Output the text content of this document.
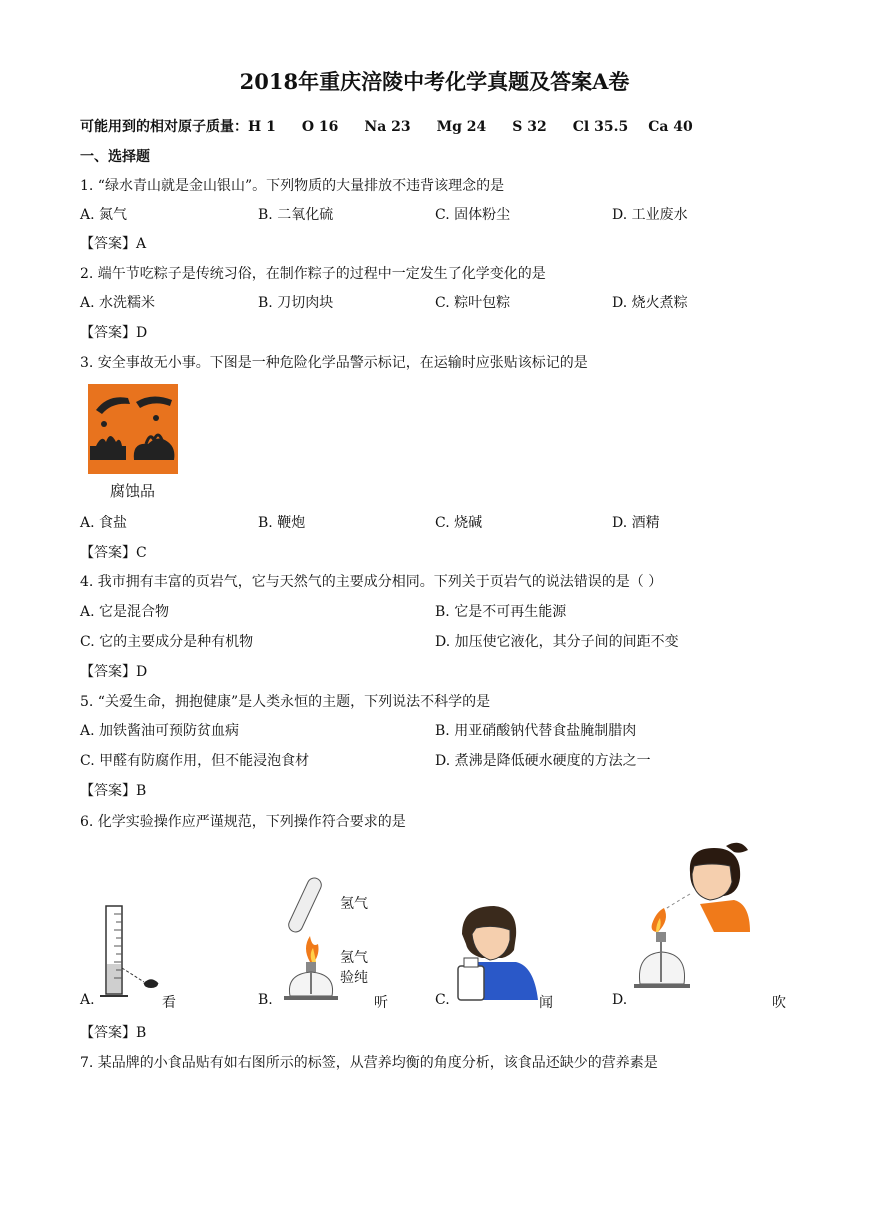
2018年重庆涪陵中考化学真题及答案A卷
可能用到的相对原子质量：H 1 O 16 Na 23 Mg 24 S 32 Cl 35.5 Ca 40
一、选择题
1. “绿水青山就是金山银山”。下列物质的大量排放不违背该理念的是
A. 氮气	B. 二氧化硫	C. 固体粉尘	D. 工业废水
【答案】A
2. 端午节吃粽子是传统习俗，在制作粽子的过程中一定发生了化学变化的是
A. 水洗糯米	B. 刀切肉块	C. 粽叶包粽	D. 烧火煮粽
【答案】D
3. 安全事故无小事。下图是一种危险化学品警示标记，在运输时应张贴该标记的是
腐蚀品
A. 食盐	B. 鞭炮	C. 烧碱	D. 酒精
【答案】C
4. 我市拥有丰富的页岩气，它与天然气的主要成分相同。下列关于页岩气的说法错误的是（ ）
A. 它是混合物	B. 它是不可再生能源
C. 它的主要成分是种有机物	D. 加压使它液化，其分子间的间距不变
【答案】D
5. “关爱生命，拥抱健康”是人类永恒的主题，下列说法不科学的是
A. 加铁酱油可预防贫血病	B. 用亚硝酸钠代替食盐腌制腊肉
C. 甲醛有防腐作用，但不能浸泡食材	D. 煮沸是降低硬水硬度的方法之一
【答案】B
6. 化学实验操作应严谨规范，下列操作符合要求的是
氢气
氢气
验纯
A.	看	B.	听	C.	闻	D.	吹
【答案】B
7. 某品牌的小食品贴有如右图所示的标签，从营养均衡的角度分析，该食品还缺少的营养素是
